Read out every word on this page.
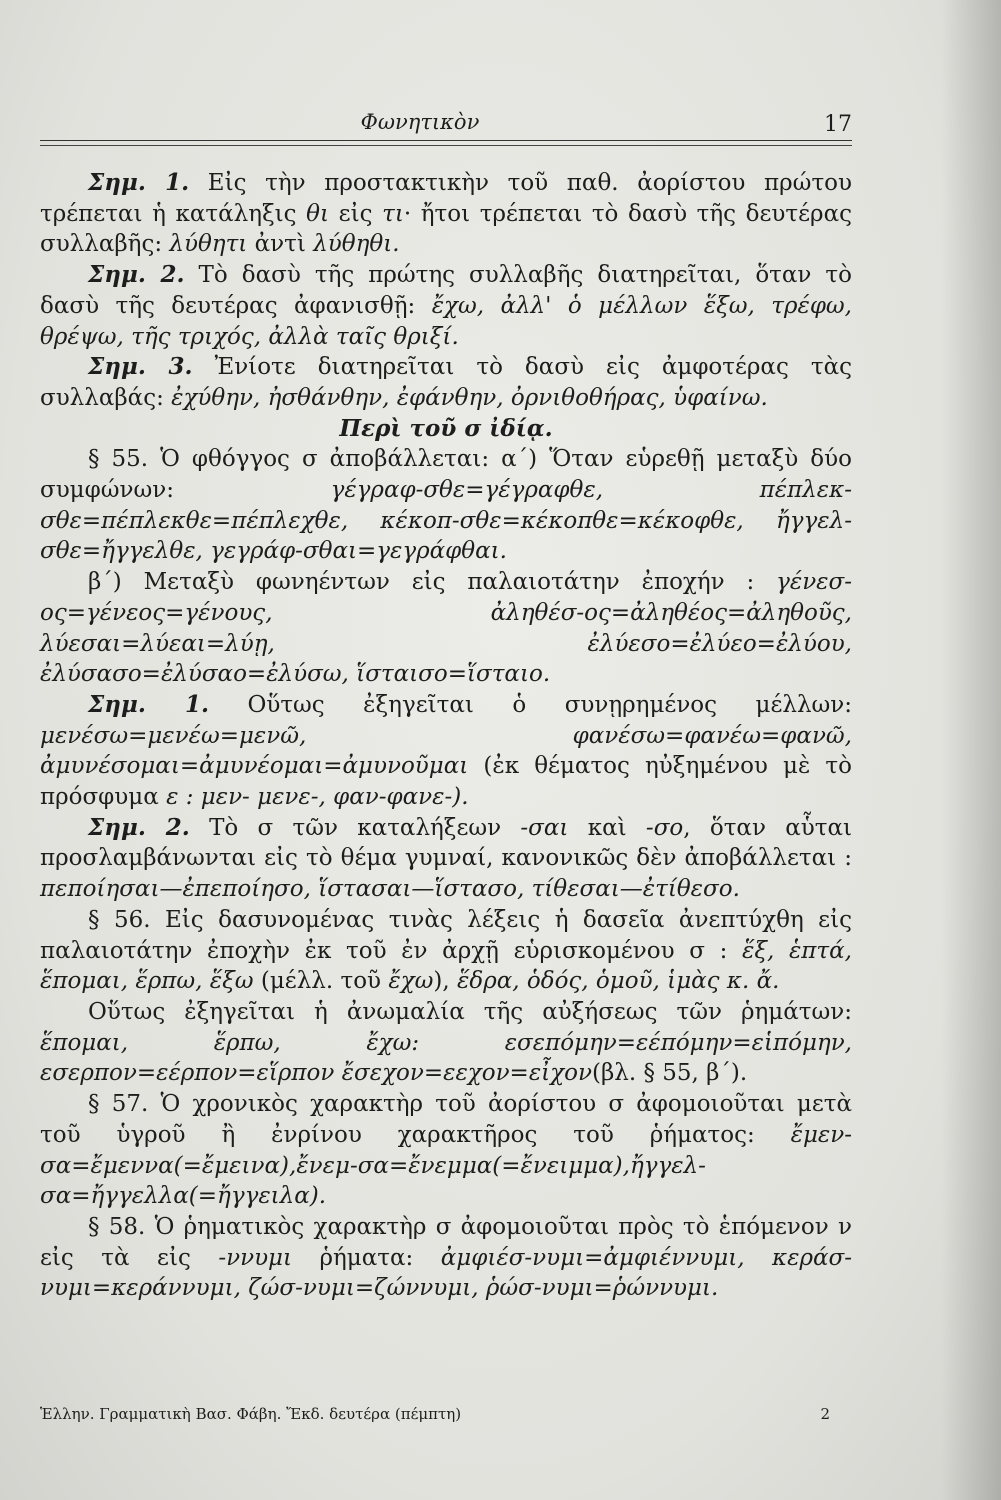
Φωνητικὸν	17

Σημ. 1. Εἰς τὴν προστακτικὴν τοῦ παθ. ἀορίστου πρώτου τρέπεται ἡ κατάληξις θι εἰς τι· ἤτοι τρέπεται τὸ δασὺ τῆς δευτέρας συλλαβῆς: λύθητι ἀντὶ λύθηθι.

Σημ. 2. Τὸ δασὺ τῆς πρώτης συλλαβῆς διατηρεῖται, ὅταν τὸ δασὺ τῆς δευτέρας ἀφανισθῇ: ἔχω, ἀλλ' ὁ μέλλων ἕξω, τρέφω, θρέψω, τῆς τριχός, ἀλλὰ ταῖς θριξί.

Σημ. 3. Ἐνίοτε διατηρεῖται τὸ δασὺ εἰς ἀμφοτέρας τὰς συλλαβάς: ἐχύθην, ἠσθάνθην, ἐφάνθην, ὀρνιθοθήρας, ὑφαίνω.

Περὶ τοῦ σ ἰδίᾳ.

§ 55. Ὁ φθόγγος σ ἀποβάλλεται: α΄) Ὅταν εὑρεθῇ μεταξὺ δύο συμφώνων: γέγραφ-σθε=γέγραφθε, πέπλεκ-σθε=πέπλεκθε=πέπλεχθε, κέκοπ-σθε=κέκοπθε=κέκοφθε, ἤγγελ-σθε=ἤγγελθε, γεγράφ-σθαι=γεγράφθαι.

β΄) Μεταξὺ φωνηέντων εἰς παλαιοτάτην ἐποχήν : γένεσ-ος=γένεος=γένους, ἀληθέσ-ος=ἀληθέος=ἀληθοῦς, λύεσαι=λύεαι=λύῃ, ἐλύεσο=ἐλύεο=ἐλύου, ἐλύσασο=ἐλύσαο=ἐλύσω, ἵσταισο=ἵσταιο.

Σημ. 1. Οὕτως ἐξηγεῖται ὁ συνῃρημένος μέλλων: μενέσω=μενέω=μενῶ, φανέσω=φανέω=φανῶ, ἀμυνέσομαι=ἀμυνέομαι=ἀμυνοῦμαι (ἐκ θέματος ηὐξημένου μὲ τὸ πρόσφυμα ε : μεν- μενε-, φαν-φανε-).

Σημ. 2. Τὸ σ τῶν καταλήξεων -σαι καὶ -σο, ὅταν αὗται προσλαμβάνωνται εἰς τὸ θέμα γυμναί, κανονικῶς δὲν ἀποβάλλεται : πεποίησαι—ἐπεποίησο, ἵστασαι—ἵστασο, τίθεσαι—ἐτίθεσο.

§ 56. Εἰς δασυνομένας τινὰς λέξεις ἡ δασεῖα ἀνεπτύχθη εἰς παλαιοτάτην ἐποχὴν ἐκ τοῦ ἐν ἀρχῇ εὑρισκομένου σ : ἕξ, ἑπτά, ἕπομαι, ἕρπω, ἕξω (μέλλ. τοῦ ἔχω), ἕδρα, ὁδός, ὁμοῦ, ἱμὰς κ. ἄ.

Οὕτως ἐξηγεῖται ἡ ἀνωμαλία τῆς αὐξήσεως τῶν ῥημάτων: ἕπομαι, ἕρπω, ἔχω: εσεπόμην=εέπόμην=εἱπόμην, εσερπον=εέρπον=εἵρπον ἔσεχον=εεχον=εἶχον(βλ. § 55, β΄).

§ 57. Ὁ χρονικὸς χαρακτὴρ τοῦ ἀορίστου σ ἀφομοιοῦται μετὰ τοῦ ὑγροῦ ἢ ἐνρίνου χαρακτῆρος τοῦ ῥήματος: ἔμεν-σα=ἔμεννα(=ἔμεινα),ἔνεμ-σα=ἔνεμμα(=ἔνειμμα),ἤγγελ-σα=ἤγγελλα(=ἤγγειλα).

§ 58. Ὁ ῥηματικὸς χαρακτὴρ σ ἀφομοιοῦται πρὸς τὸ ἑπόμενον ν εἰς τὰ εἰς -ννυμι ῥήματα: ἀμφιέσ-νυμι=ἀμφιέννυμι, κεράσ-νυμι=κεράννυμι, ζώσ-νυμι=ζώννυμι, ῥώσ-νυμι=ῥώννυμι.

Ἑλλην. Γραμματικὴ Βασ. Φάβη. Ἔκδ. δευτέρα (πέμπτη)	2
